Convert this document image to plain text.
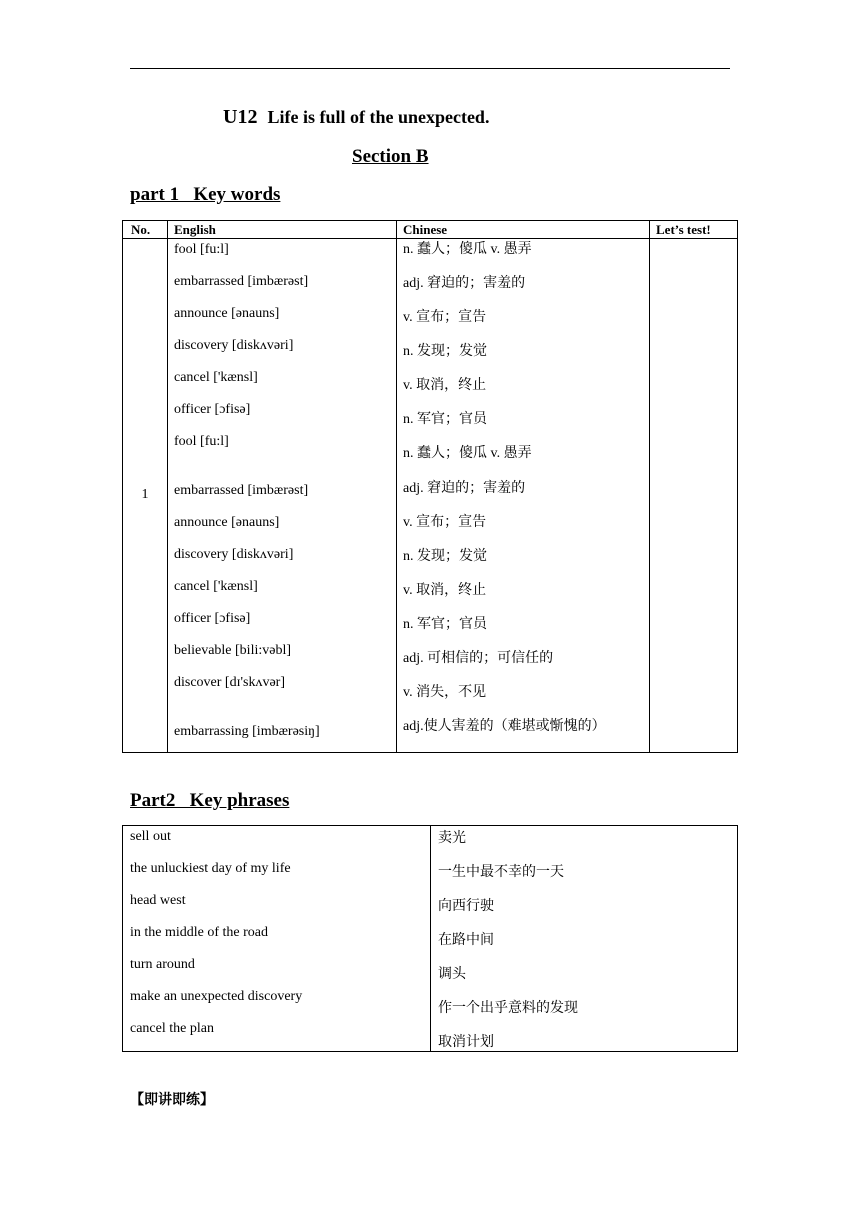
U12 Life is full of the unexpected.
Section B
part 1   Key words
No. English	Chinese	Let’s test!
1
fool [fu:l]
embarrassed [imbærəst]
announce [ənauns]
discovery [diskʌvəri]
cancel ['kænsl]
officer [ɔfisə]
fool [fu:l]
embarrassed [imbærəst]
announce [ənauns]
discovery [diskʌvəri]
cancel ['kænsl]
officer [ɔfisə]
believable [bili:vəbl]
discover [dɪ'skʌvər]
embarrassing [imbærəsiŋ]
n. 蠢人；傻瓜 v. 愚弄
adj. 窘迫的；害羞的
v. 宣布；宣告
n. 发现；发觉
v. 取消，终止
n. 军官；官员
n. 蠢人；傻瓜 v. 愚弄
adj. 窘迫的；害羞的
v. 宣布；宣告
n. 发现；发觉
v. 取消，终止
n. 军官；官员
adj. 可相信的；可信任的
v. 消失，不见
adj.使人害羞的（难堪或惭愧的）
Part2   Key phrases
sell out
the unluckiest day of my life
head west
in the middle of the road
turn around
make an unexpected discovery
cancel the plan
卖光
一生中最不幸的一天
向西行驶
在路中间
调头
作一个出乎意料的发现
取消计划
【即讲即练】
